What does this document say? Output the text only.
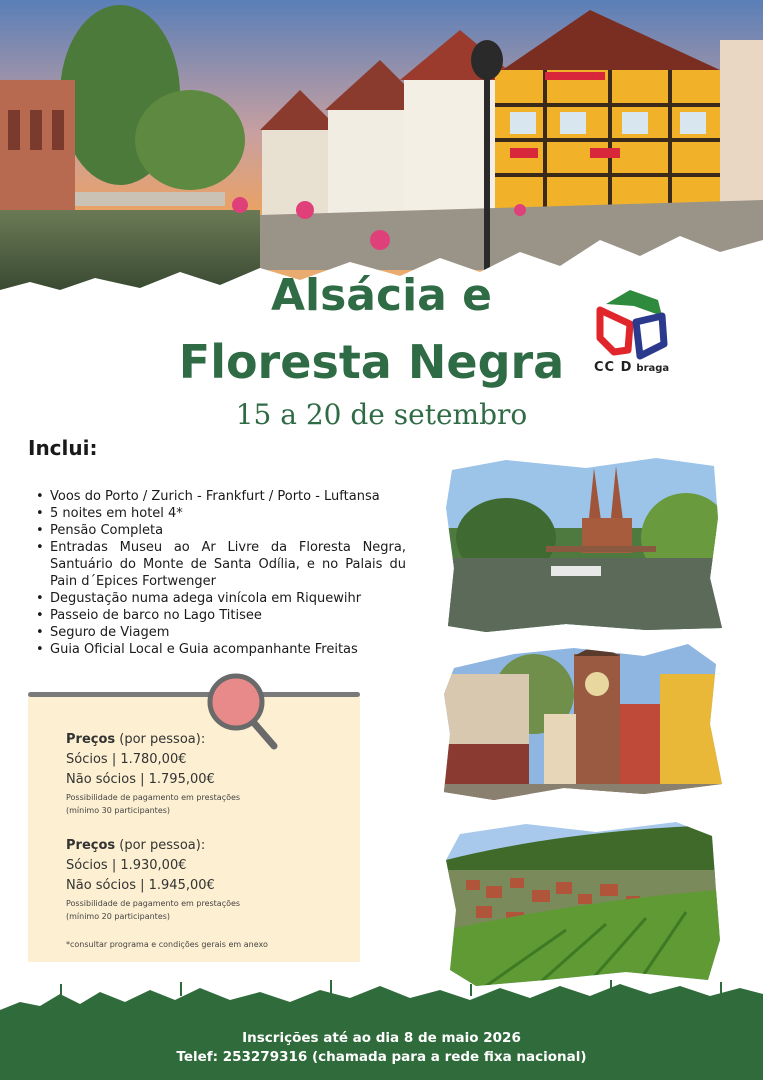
Alsácia e
Floresta Negra
15 a 20 de setembro
CC D braga
Inclui:
• Voos do Porto / Zurich - Frankfurt / Porto - Luftansa
• 5 noites em hotel 4*
• Pensão Completa
• Entradas Museu ao Ar Livre da Floresta Negra, Santuário do Monte de Santa Odília, e no Palais du Pain d´Epices Fortwenger
• Degustação numa adega vinícola em Riquewihr
• Passeio de barco no Lago Titisee
• Seguro de Viagem
• Guia Oficial Local e Guia acompanhante Freitas
Preços (por pessoa):
Sócios | 1.780,00€
Não sócios | 1.795,00€
Possibilidade de pagamento em prestações
(mínimo 30 participantes)
Preços (por pessoa):
Sócios | 1.930,00€
Não sócios | 1.945,00€
Possibilidade de pagamento em prestações
(mínimo 20 participantes)
*consultar programa e condições gerais em anexo
Inscrições até ao dia 8 de maio 2026
Telef: 253279316 (chamada para a rede fixa nacional)
